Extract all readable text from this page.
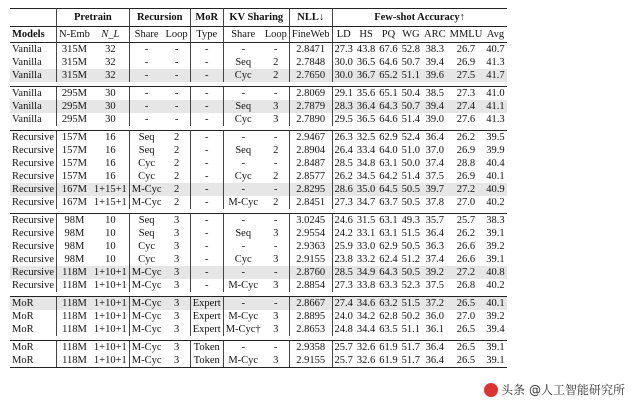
	Pretrain		Recursion		MoR	KV Sharing		NLL↓	Few-shot Accuracy↑						
Models	N-Emb	N_L	Share	Loop	Type	Share	Loop	FineWeb	LD	HS	PQ	WG	ARC	MMLU	Avg
Vanilla	315M	32	-	-	-	-	-	2.8471	27.3	43.8	67.6	52.8	38.3	26.7	40.7
Vanilla	315M	32	-	-	-	Seq	2	2.7848	30.0	36.5	64.6	50.7	39.4	26.9	41.3
Vanilla	315M	32	-	-	-	Cyc	2	2.7650	30.0	36.7	65.2	51.1	39.6	27.5	41.7

Vanilla	295M	30	-	-	-	-	-	2.8069	29.1	35.6	65.1	50.4	38.5	27.3	41.0
Vanilla	295M	30	-	-	-	Seq	3	2.7879	28.3	36.4	64.3	50.7	39.4	27.4	41.1
Vanilla	295M	30	-	-	-	Cyc	3	2.7890	29.5	36.5	64.6	51.4	39.0	27.6	41.3

Recursive	157M	16	Seq	2	-	-	-	2.9467	26.3	32.5	62.9	52.4	36.4	26.2	39.5
Recursive	157M	16	Seq	2	-	Seq	2	2.8904	26.4	33.4	64.0	51.0	37.0	26.9	39.9
Recursive	157M	16	Cyc	2	-	-	-	2.8487	28.5	34.8	63.1	50.0	37.4	28.8	40.4
Recursive	157M	16	Cyc	2	-	Cyc	2	2.8577	26.2	34.5	64.2	51.4	37.5	26.9	40.1
Recursive	167M	1+15+1	M-Cyc	2	-	-	-	2.8295	28.6	35.0	64.5	50.5	39.7	27.2	40.9
Recursive	167M	1+15+1	M-Cyc	2	-	M-Cyc	2	2.8451	27.3	34.7	63.7	50.5	37.8	27.0	40.2

Recursive	98M	10	Seq	3	-	-	-	3.0245	24.6	31.5	63.1	49.3	35.7	25.7	38.3
Recursive	98M	10	Seq	3	-	Seq	3	2.9554	24.2	33.1	63.1	51.5	36.4	26.2	39.1
Recursive	98M	10	Cyc	3	-	-	-	2.9363	25.9	33.0	62.9	50.5	36.3	26.6	39.2
Recursive	98M	10	Cyc	3	-	Cyc	3	2.9155	23.8	33.2	62.4	51.2	37.4	26.6	39.1
Recursive	118M	1+10+1	M-Cyc	3	-	-	-	2.8760	28.5	34.9	64.3	50.5	39.2	27.2	40.8
Recursive	118M	1+10+1	M-Cyc	3	-	M-Cyc	3	2.8854	27.3	33.8	63.3	52.3	37.5	26.8	40.2

MoR	118M	1+10+1	M-Cyc	3	Expert	-	-	2.8667	27.4	34.6	63.2	51.5	37.2	26.5	40.1
MoR	118M	1+10+1	M-Cyc	3	Expert	M-Cyc	3	2.8895	24.0	34.2	62.8	50.2	36.0	27.0	39.2
MoR	118M	1+10+1	M-Cyc	3	Expert	M-Cyc†	3	2.8653	24.8	34.4	63.5	51.1	36.1	26.5	39.4

MoR	118M	1+10+1	M-Cyc	3	Token	-	-	2.9358	25.7	32.6	61.9	51.7	36.4	26.5	39.1
MoR	118M	1+10+1	M-Cyc	3	Token	M-Cyc	3	2.9155	25.7	32.6	61.9	51.7	36.4	26.5	39.1
头条 @人工智能研究所
